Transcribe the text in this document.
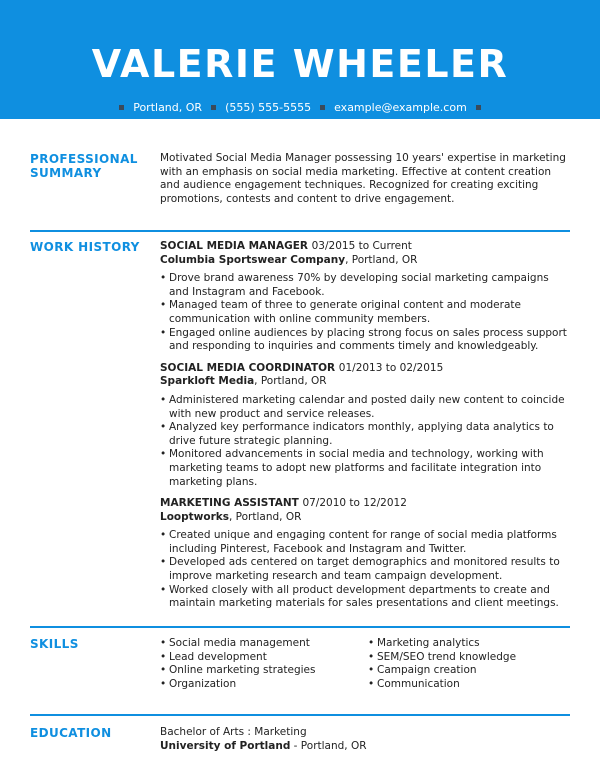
VALERIE WHEELER
Portland, OR (555) 555-5555 example@example.com
PROFESSIONAL
SUMMARY
Motivated Social Media Manager possessing 10 years' expertise in marketing with an emphasis on social media marketing. Effective at content creation and audience engagement techniques. Recognized for creating exciting promotions, contests and content to drive engagement.
WORK HISTORY SOCIAL MEDIA MANAGER 03/2015 to Current
Columbia Sportswear Company, Portland, OR
• Drove brand awareness 70% by developing social marketing campaigns and Instagram and Facebook.
• Managed team of three to generate original content and moderate communication with online community members.
• Engaged online audiences by placing strong focus on sales process support and responding to inquiries and comments timely and knowledgeably.
SOCIAL MEDIA COORDINATOR 01/2013 to 02/2015
Sparkloft Media, Portland, OR
• Administered marketing calendar and posted daily new content to coincide with new product and service releases.
• Analyzed key performance indicators monthly, applying data analytics to drive future strategic planning.
• Monitored advancements in social media and technology, working with marketing teams to adopt new platforms and facilitate integration into marketing plans.
MARKETING ASSISTANT 07/2010 to 12/2012
Looptworks, Portland, OR
• Created unique and engaging content for range of social media platforms including Pinterest, Facebook and Instagram and Twitter.
• Developed ads centered on target demographics and monitored results to improve marketing research and team campaign development.
• Worked closely with all product development departments to create and maintain marketing materials for sales presentations and client meetings.
SKILLS
•	Social media management
• Lead development
• Online marketing strategies
• Organization
• Marketing analytics
• SEM/SEO trend knowledge
• Campaign creation
• Communication
EDUCATION	Bachelor of Arts : Marketing
University of Portland - Portland, OR
